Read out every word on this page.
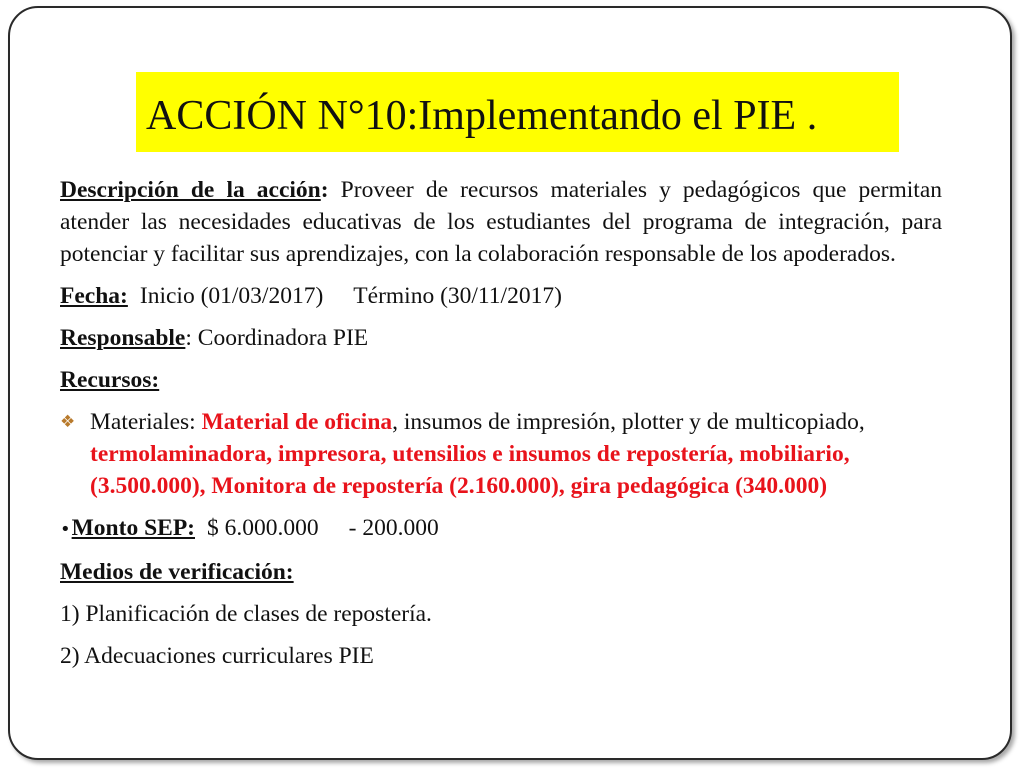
ACCIÓN N°10:Implementando el PIE .

Descripción de la acción: Proveer de recursos materiales y pedagógicos que permitan atender las necesidades educativas de los estudiantes del programa de integración, para potenciar y facilitar sus aprendizajes, con la colaboración responsable de los apoderados.

Fecha: Inicio (01/03/2017) Término (30/11/2017)

Responsable: Coordinadora PIE

Recursos:

❖ Materiales: Material de oficina, insumos de impresión, plotter y de multicopiado, termolaminadora, impresora, utensilios e insumos de repostería, mobiliario, (3.500.000), Monitora de repostería (2.160.000), gira pedagógica (340.000)

•Monto SEP: $ 6.000.000 - 200.000

Medios de verificación:

1) Planificación de clases de repostería.

2) Adecuaciones curriculares PIE
